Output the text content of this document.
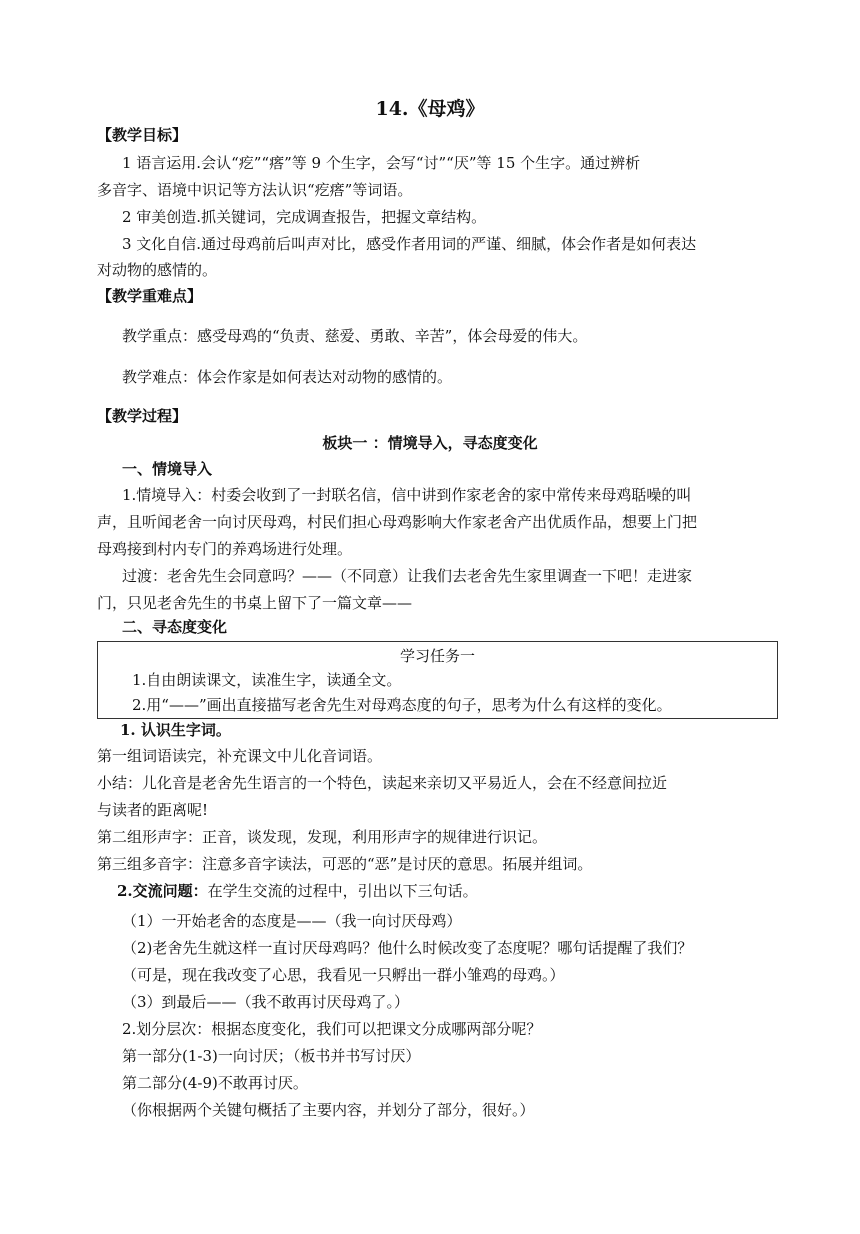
14.《母鸡》
【教学目标】
1 语言运用.会认“疙”“瘩”等 9 个生字，会写“讨”“厌”等 15 个生字。通过辨析
多音字、语境中识记等方法认识“疙瘩”等词语。
2 审美创造.抓关键词，完成调查报告，把握文章结构。
3 文化自信.通过母鸡前后叫声对比，感受作者用词的严谨、细腻，体会作者是如何表达
对动物的感情的。
【教学重难点】
教学重点：感受母鸡的“负责、慈爱、勇敢、辛苦”，体会母爱的伟大。
教学难点：体会作家是如何表达对动物的感情的。
【教学过程】
板块一 ：情境导入，寻态度变化
一、情境导入
1.情境导入：村委会收到了一封联名信，信中讲到作家老舍的家中常传来母鸡聒噪的叫
声，且听闻老舍一向讨厌母鸡，村民们担心母鸡影响大作家老舍产出优质作品，想要上门把
母鸡接到村内专门的养鸡场进行处理。
过渡：老舍先生会同意吗？——（不同意）让我们去老舍先生家里调查一下吧！走进家
门，只见老舍先生的书桌上留下了一篇文章——
二、寻态度变化
学习任务一
1.自由朗读课文，读准生字，读通全文。
2.用“——”画出直接描写老舍先生对母鸡态度的句子，思考为什么有这样的变化。
1. 认识生字词。
第一组词语读完，补充课文中儿化音词语。
小结：儿化音是老舍先生语言的一个特色，读起来亲切又平易近人，会在不经意间拉近
与读者的距离呢!
第二组形声字：正音，谈发现，发现，利用形声字的规律进行识记。
第三组多音字：注意多音字读法，可恶的“恶”是讨厌的意思。拓展并组词。
2.交流问题：在学生交流的过程中，引出以下三句话。
（1）一开始老舍的态度是——（我一向讨厌母鸡）
（2)老舍先生就这样一直讨厌母鸡吗？他什么时候改变了态度呢？哪句话提醒了我们？
（可是，现在我改变了心思，我看见一只孵出一群小雏鸡的母鸡。）
（3）到最后——（我不敢再讨厌母鸡了。）
2.划分层次：根据态度变化，我们可以把课文分成哪两部分呢？
第一部分(1-3)一向讨厌；（板书并书写讨厌）
第二部分(4-9)不敢再讨厌。
（你根据两个关键句概括了主要内容，并划分了部分，很好。）
